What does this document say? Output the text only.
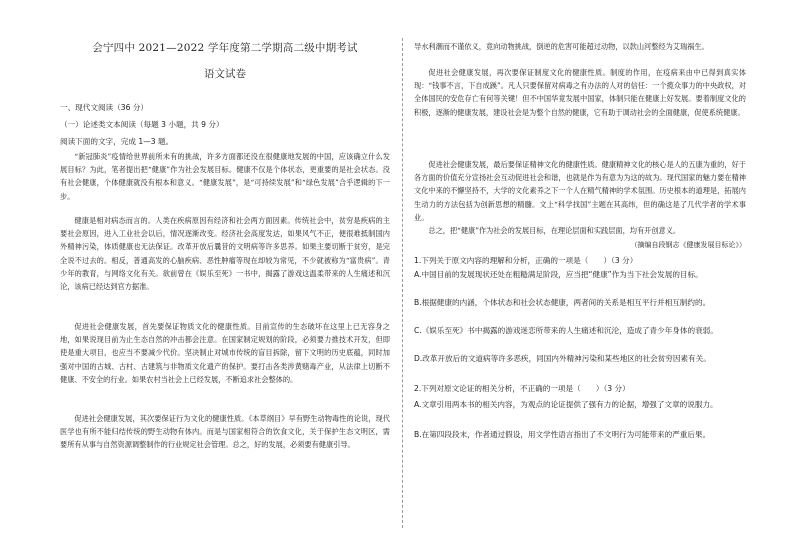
会宁四中 2021—2022 学年度第二学期高二级中期考试
语文试卷
一、现代文阅读（36 分）
（一）论述类文本阅读（每题 3 小题，共 9 分）
阅读下面的文字，完成 1—3 题。
“新冠肺炎”疫情给世界前所未有的挑战，许多方面都还没在很健康地发展的中国，应该确立什么发展目标？为此，笔者提出把“健康”作为社会发展目标。健康不仅是个体状态，更重要的是社会状态。没有社会健康，个体健康就没有根本和意义。“健康发展”，是“可持续发展”和“绿色发展”合乎逻辑的下一步。
健康是相对病态而言的。人类在疾病原因有经济和社会两方面因素。传统社会中，贫穷是疾病的主要社会原因，进入工业社会以后，情况逐渐改变。经济社会高度发达，如果风气不正，便很难抵制国内外精神污染，体质健康也无法保证。改革开放后曩昔的文明病等许多思养。如果主要切断于贫穷，是完全说不过去的。相反，普通高发的心脑疾病、恶性肿瘤等现在却较为常见，不少就被称为“富贵病”。青少年的教育，与网络文化有关。欲前曾在《娱乐至死》一书中，揭露了游戏这温柔带来的人生痛述和沉沦，该病已经达到官方据准。
促进社会健康发展，首先要保证物质文化的健康性质。目前宣传的生态破坏在这里上已无容身之地，如果说现目前为止生态自然的冲击都会注意。在国家制定规划的阶段，必须要力推技术开发，但即使是重大项目，也应当不要减少代价。坚决制止对城市传统的盲目拆除，留下文明的历史底蕴，同时加强对中国的古城、古村、古建筑与非物质文化遗产的保护。要打击各类涉黄赌毒产业，从法律上切断不健康、不安全的行业。如果农村当社会上已经发展，不断追求社会整体的。
促进社会健康发展，其次要保证行为文化的健康性质。《本草纲目》早有野生动物毒性的论说，现代医学也有所不能归结传统的野生动物有体内。而是与国家相符合的饮食文化，关于保护生态文明区，需要所有从事与自然资源调整制作的行业规定社会管理。总之，好的发展，必须要有健康引导。
导水利潮而不谨依义，竟向动物挑战，倒逆的危害可能超过动物，以款山河整经为艾瑞祸生。
促进社会健康发展，再次要保证制度文化的健康性质。制度的作用，在疫病来由中已得到真实体现：“钱事不言，下自成蹊”。凡人只要保留对病毒之有办法的人对的信任：一个揽众事力的中央政权，对全体国民的安危存亡有何等关键！但不中国华竟发展中国家，体制只能在健康上好发展。要着制度文化的积极，逐渐的健康发展，建设社会是为整个自然的健康，它有助于调动社会的全面健康，促使系统健康。
促进社会健康发展，最后要保证精神文化的健康性质。健康精神文化的核心是人的五康为重的，好于各方面的价值充分宣扬社会互动促进社会和谐，也就是作为有意为为这的故为。现代国家的魅力要在精神文化中来的不懈坚持不，大学的文化素养之下一个人在精气精神的学术氛围。历史根本的道理是，拓展内生动力的方法包括为创新思想的精髓。文上“科学找国”主题在其高纬，但的确这是了几代学者的学术事业。
总之，把“健康”作为社会的发展目标，在理论层面和实践层面，均有开创意义。
（摘编自段钢志《健康发展目标论》）
1.下列关于原文内容的理解和分析，正确的一项是（　　）（3 分）
A.中国目前的发展现状还处在粗糙满足阶段，应当把“健康”作为当下社会发展的目标。
B.根据健康的内涵，个体状态和社会状态健康，两者间的关系是相互平行并相互制约的。
C.《娱乐至死》书中揭露的游戏迷恋所带来的人生痛述和沉沦，造成了青少年身体的衰弱。
D.改革开放后的文道病等许多恶疾，同国内外精神污染和某些地区的社会贫穷因素有关。
2.下列对原文论证的相关分析，不正确的一项是（　　）（3 分）
A.文章引用两本书的相关内容，为观点的论证提供了强有力的论据，增强了文章的说服力。
B.在第四段段末，作者通过假设，用文学性语言指出了不文明行为可能带来的严重后果。
